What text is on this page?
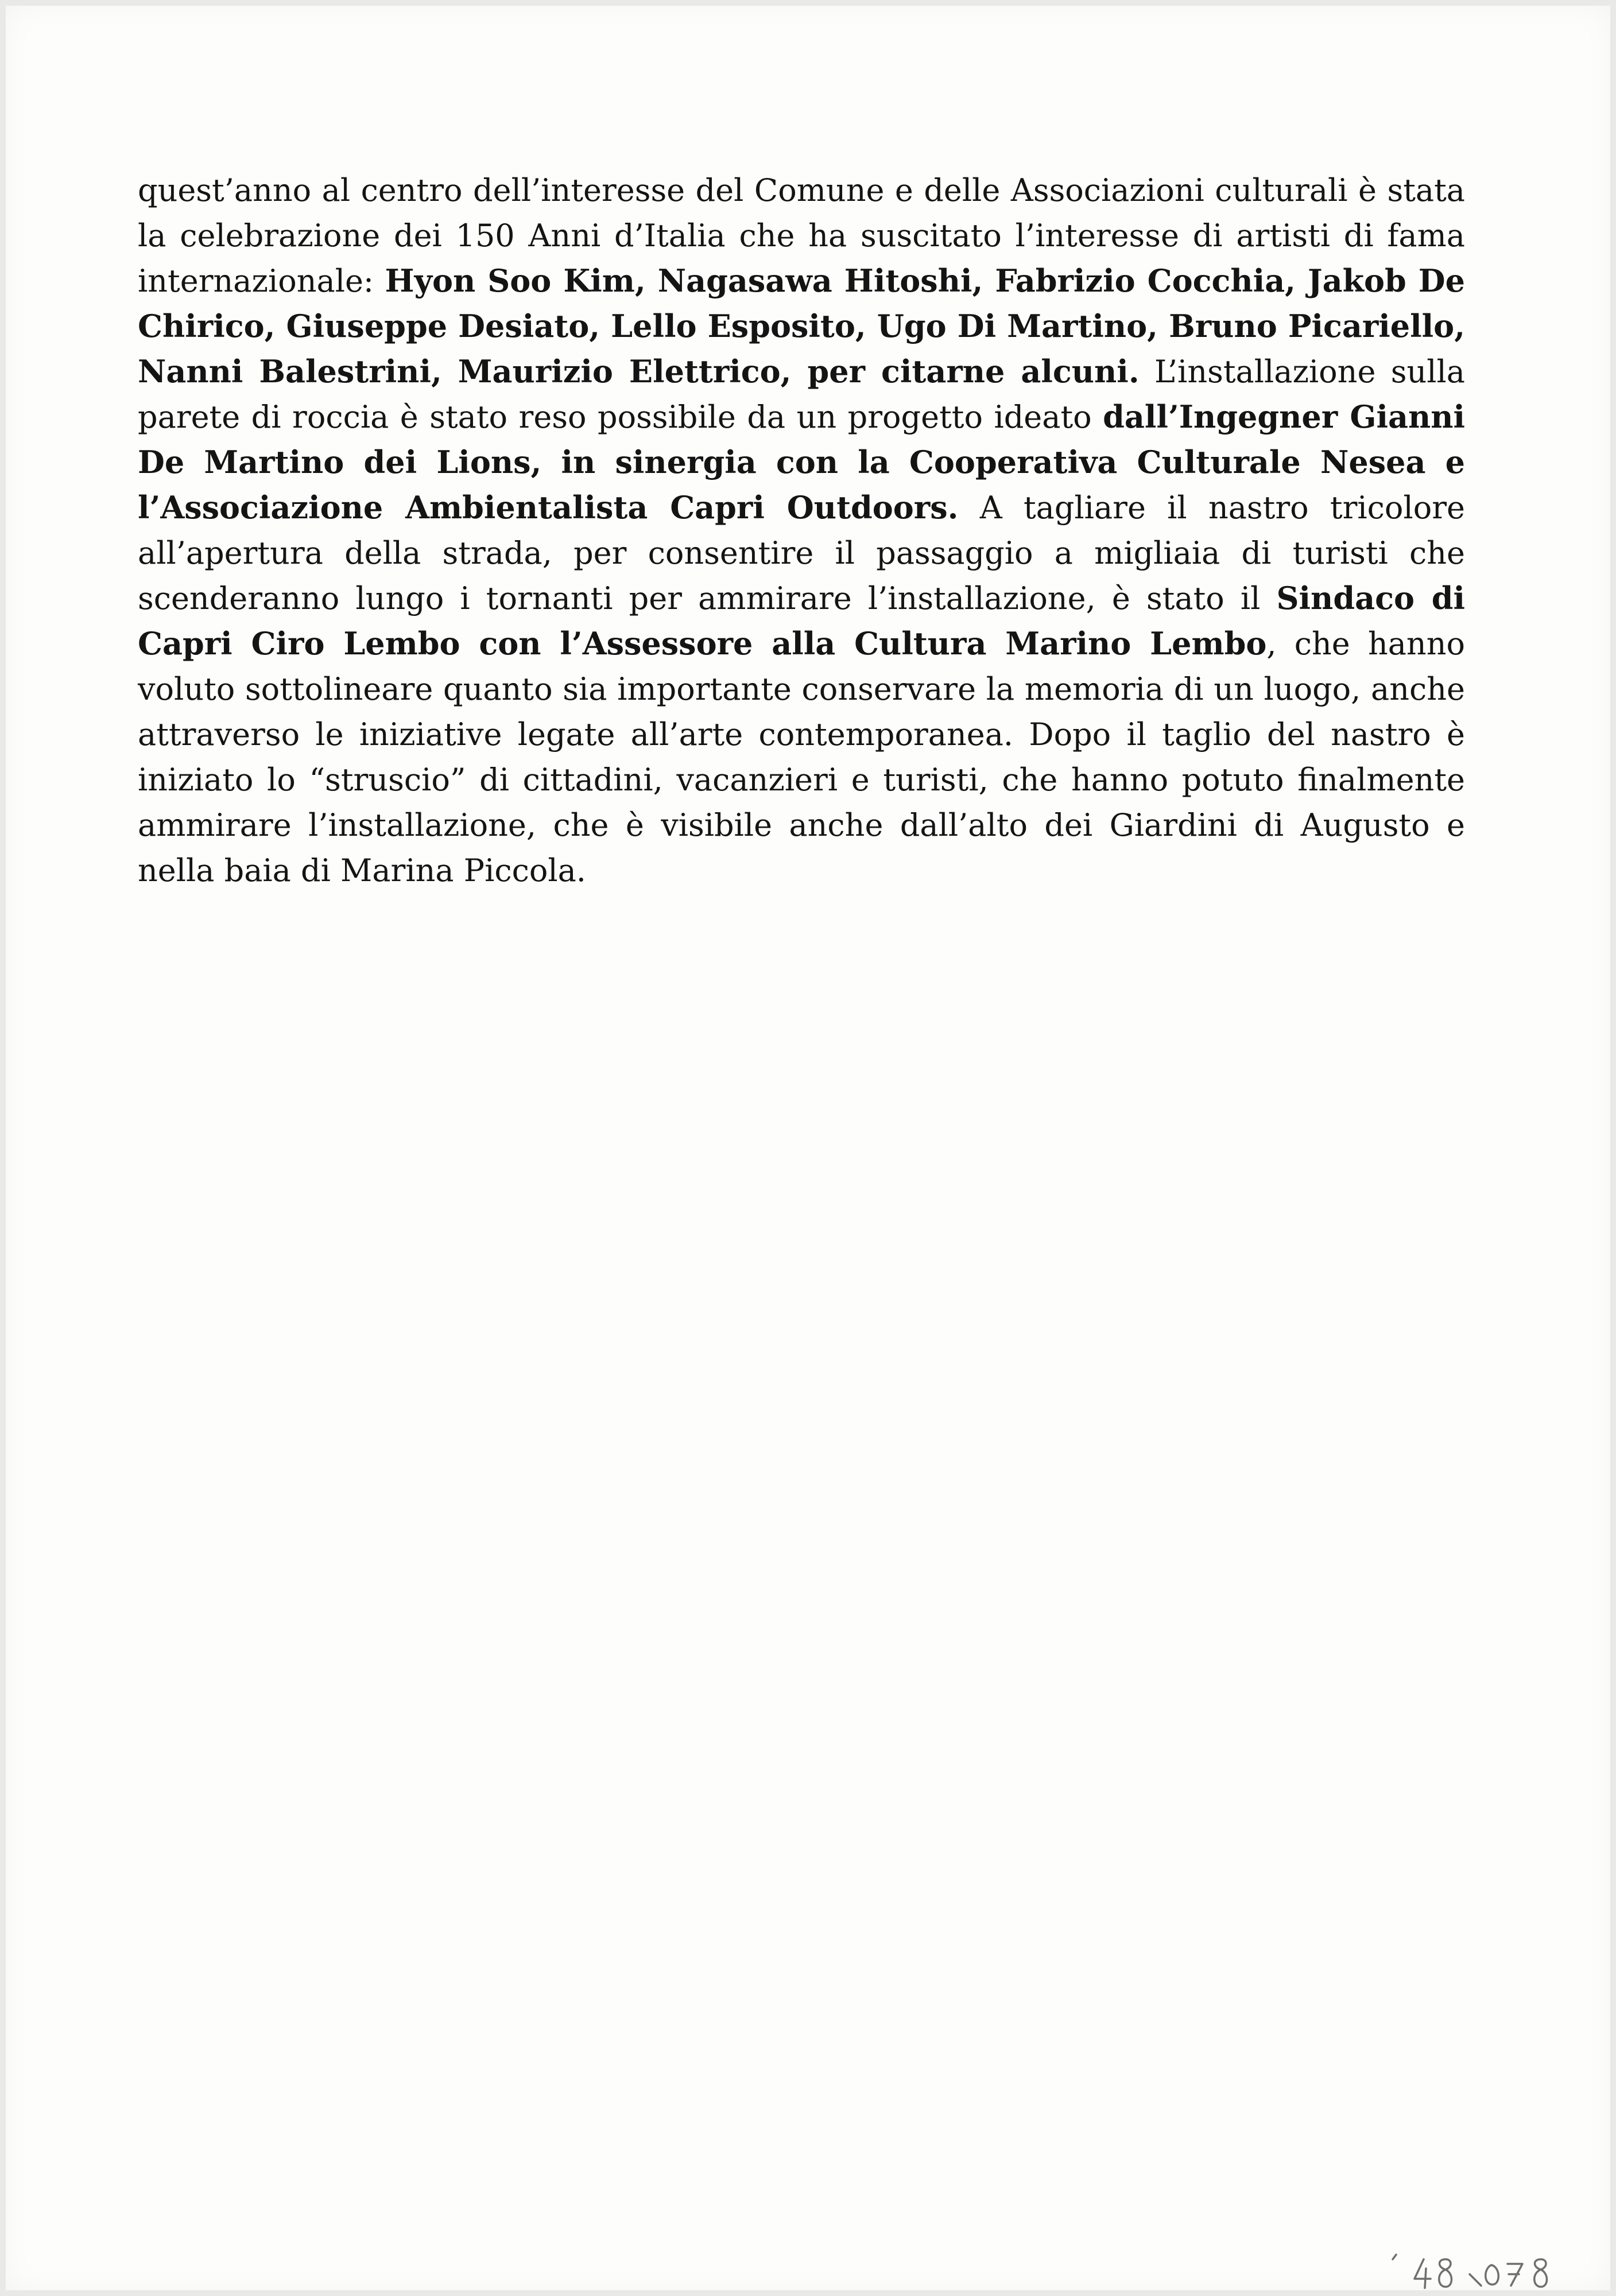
quest’anno al centro dell’interesse del Comune e delle Associazioni culturali è stata la celebrazione dei 150 Anni d’Italia che ha suscitato l’interesse di artisti di fama internazionale: Hyon Soo Kim, Nagasawa Hitoshi, Fabrizio Cocchia, Jakob De Chirico, Giuseppe Desiato, Lello Esposito, Ugo Di Martino, Bruno Picariello, Nanni Balestrini, Maurizio Elettrico, per citarne alcuni. L’installazione sulla parete di roccia è stato reso possibile da un progetto ideato dall’Ingegner Gianni De Martino dei Lions, in sinergia con la Cooperativa Culturale Nesea e l’Associazione Ambientalista Capri Outdoors. A tagliare il nastro tricolore all’apertura della strada, per consentire il passaggio a migliaia di turisti che scenderanno lungo i tornanti per ammirare l’installazione, è stato il Sindaco di Capri Ciro Lembo con l’Assessore alla Cultura Marino Lembo, che hanno voluto sottolineare quanto sia importante conservare la memoria di un luogo, anche attraverso le iniziative legate all’arte contemporanea. Dopo il taglio del nastro è iniziato lo “struscio” di cittadini, vacanzieri e turisti, che hanno potuto finalmente ammirare l’installazione, che è visibile anche dall’alto dei Giardini di Augusto e nella baia di Marina Piccola.
